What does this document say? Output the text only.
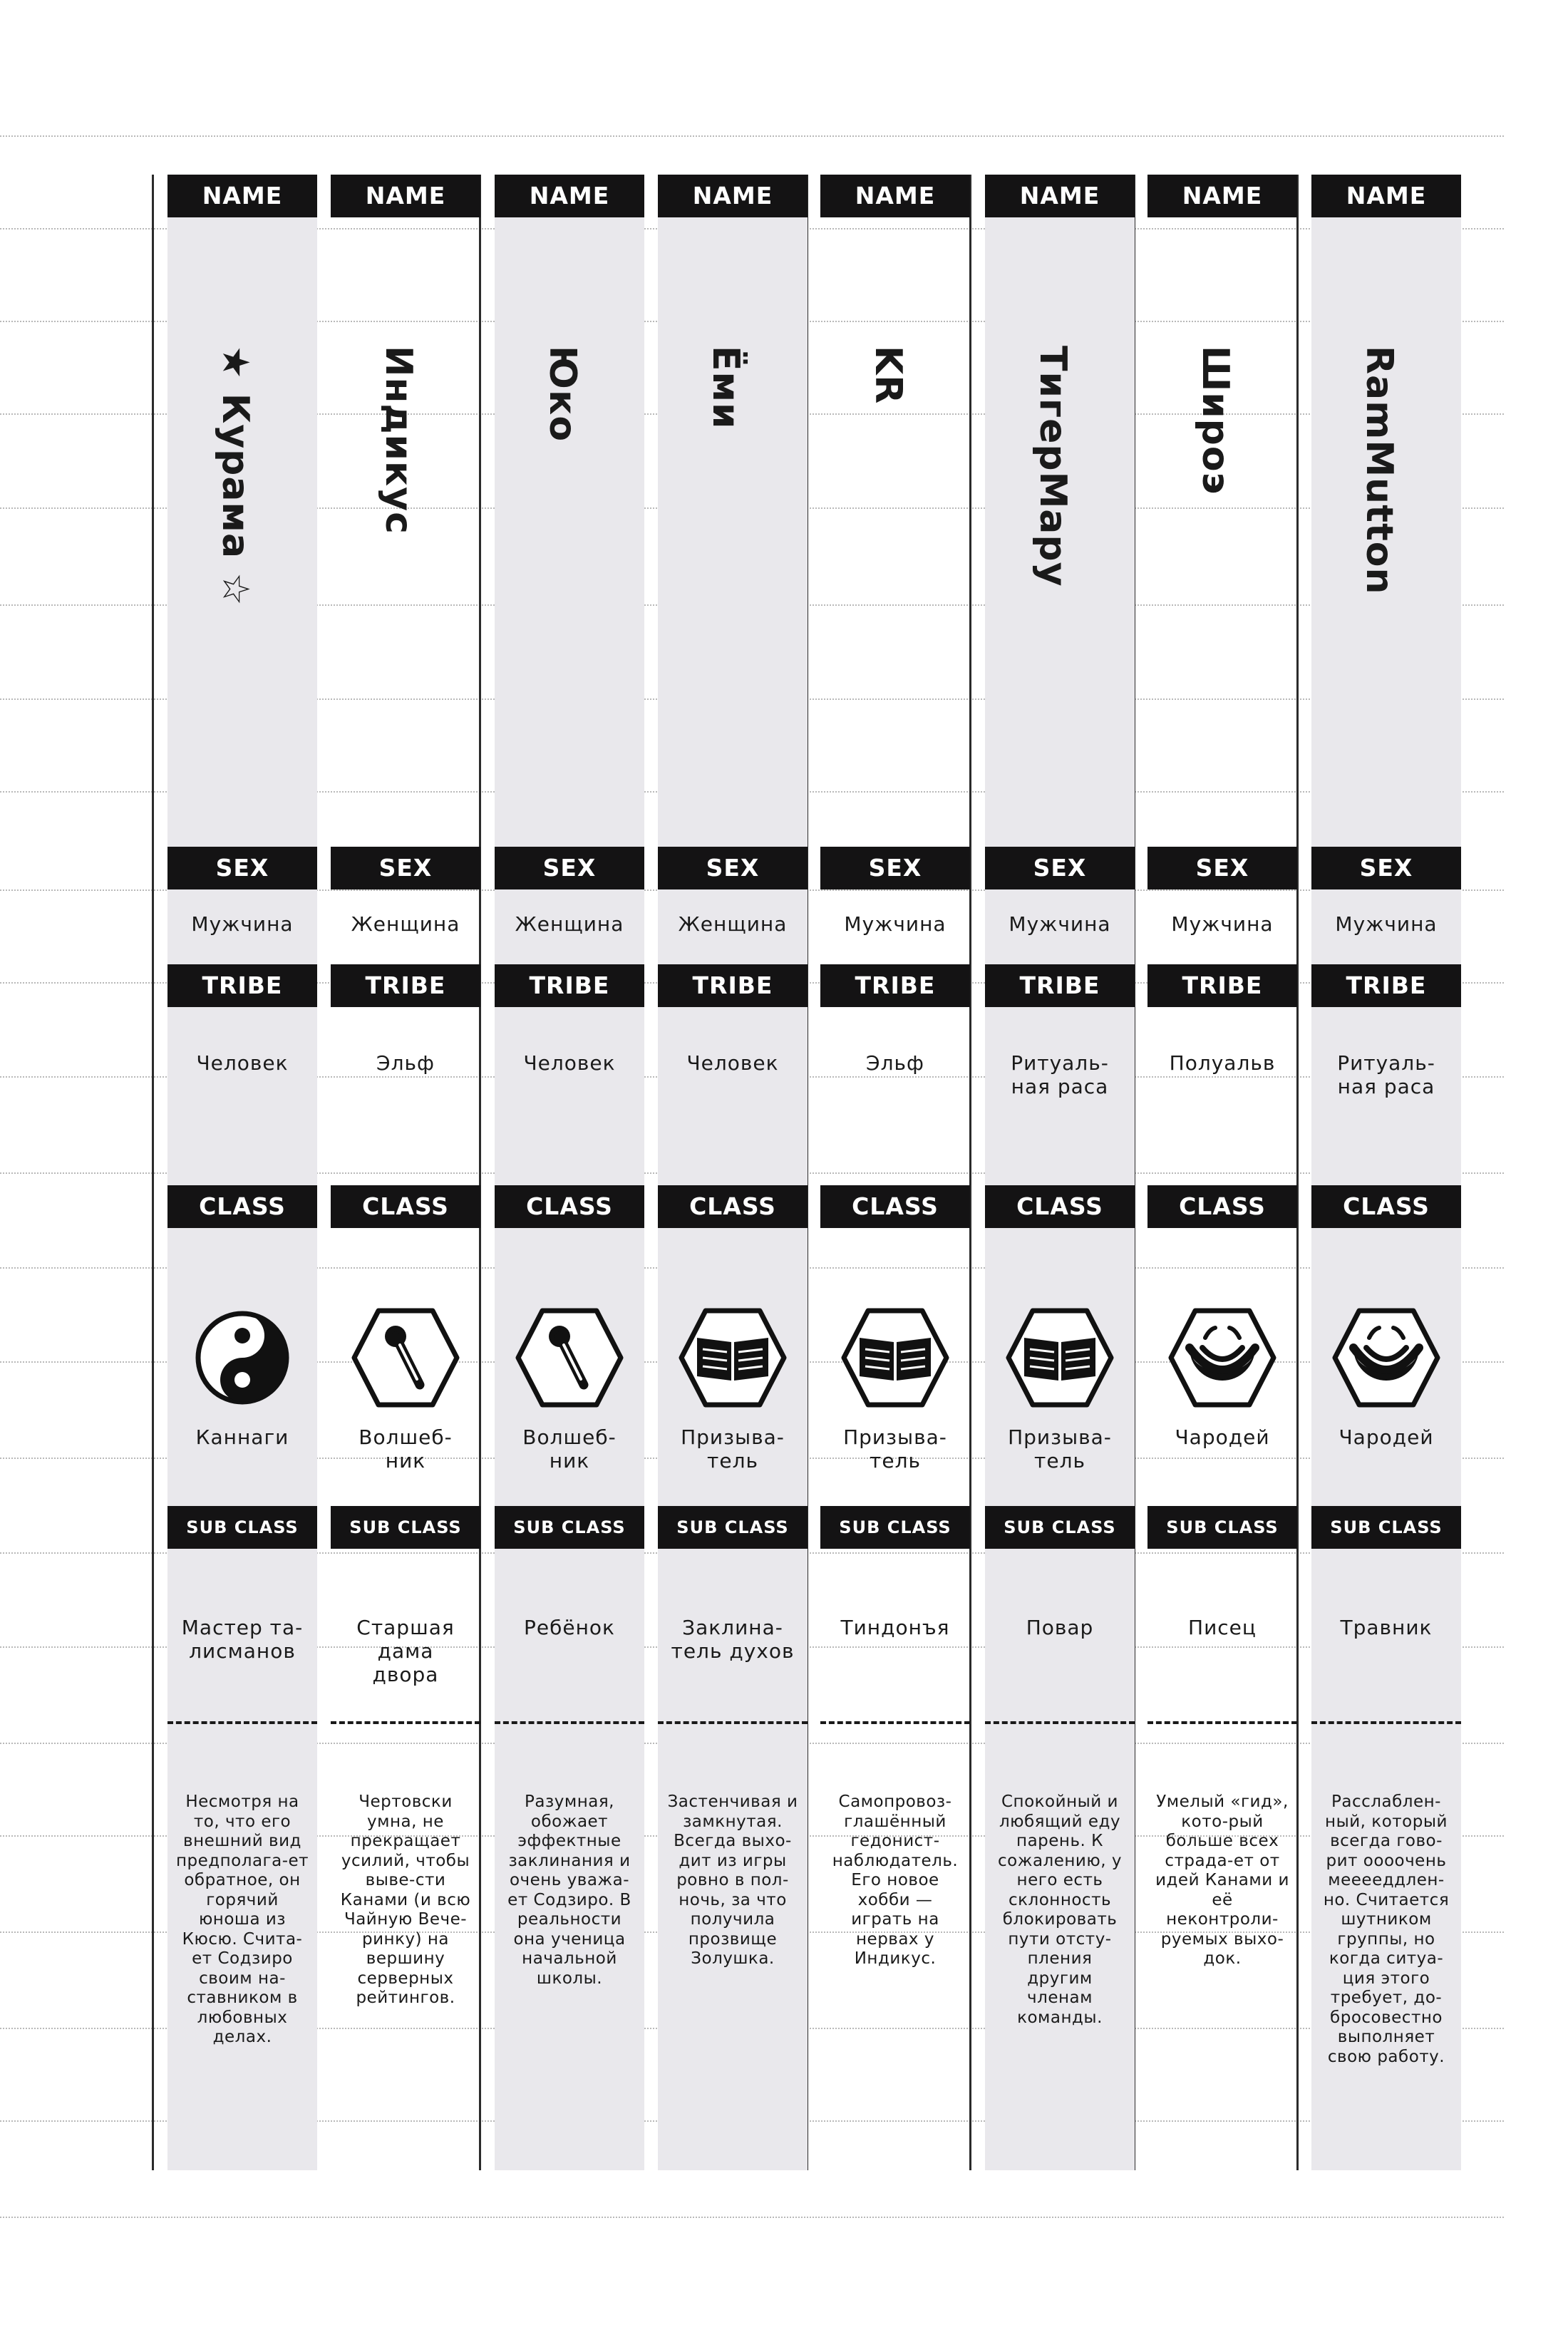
NAME
★ Курама ☆
SEX
Мужчина
TRIBE
Человек
CLASS
Каннаги
SUB CLASS
Мастер та-
лисманов
Несмотря на то, что его внешний вид предполага-ет обратное, он горячий юноша из Кюсю. Счита-ет Содзиро своим на-ставником в любовных делах.
NAME
Индикус
SEX
Женщина
TRIBE
Эльф
CLASS
Волшеб-
ник
SUB CLASS
Старшая
дама
двора
Чертовски умна, не прекращает усилий, чтобы выве-сти Канами (и всю Чайную Вече-ринку) на вершину серверных рейтингов.
NAME
Юко
SEX
Женщина
TRIBE
Человек
CLASS
Волшеб-
ник
SUB CLASS
Ребёнок
Разумная, обожает эффектные заклинания и очень уважа-ет Содзиро. В реальности она ученица начальной школы.
NAME
Ёми
SEX
Женщина
TRIBE
Человек
CLASS
Призыва-
тель
SUB CLASS
Заклина-
тель духов
Застенчивая и замкнутая. Всегда выхо-дит из игры ровно в пол-ночь, за что получила прозвище Золушка.
NAME
KR
SEX
Мужчина
TRIBE
Эльф
CLASS
Призыва-
тель
SUB CLASS
Тиндонъя
Самопровоз-глашённый гедонист-наблюдатель. Его новое хобби — играть на нервах у Индикус.
NAME
ТигерМару
SEX
Мужчина
TRIBE
Ритуаль-
ная раса
CLASS
Призыва-
тель
SUB CLASS
Повар
Спокойный и любящий еду парень. К сожалению, у него есть склонность блокировать пути отсту-пления другим членам команды.
NAME
Широэ
SEX
Мужчина
TRIBE
Полуальв
CLASS
Чародей
SUB CLASS
Писец
Умелый «гид», кото-рый больше всех страда-ет от идей Канами и её неконтроли-руемых выхо-док.
NAME
RamMutton
SEX
Мужчина
TRIBE
Ритуаль-
ная раса
CLASS
Чародей
SUB CLASS
Травник
Расслаблен-ный, который всегда гово-рит оооочень мееееддлен-но. Считается шутником группы, но когда ситуа-ция этого требует, до-бросовестно выполняет свою работу.
